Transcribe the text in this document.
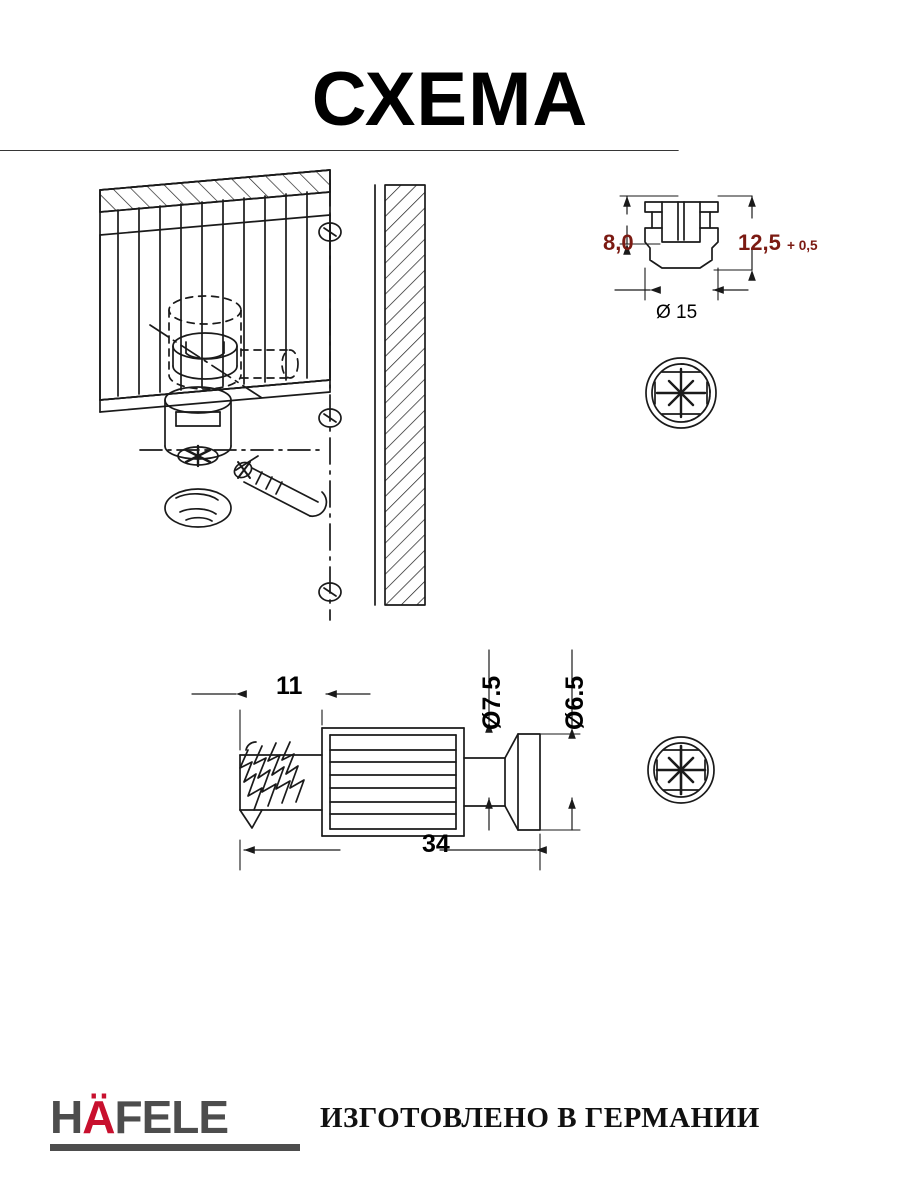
СХЕМА
8,0	12,5 + 0,5
Ø 15
11
34
Ø7.5 Ø6.5
HÄFELE	ИЗГОТОВЛЕНО В ГЕРМАНИИ
